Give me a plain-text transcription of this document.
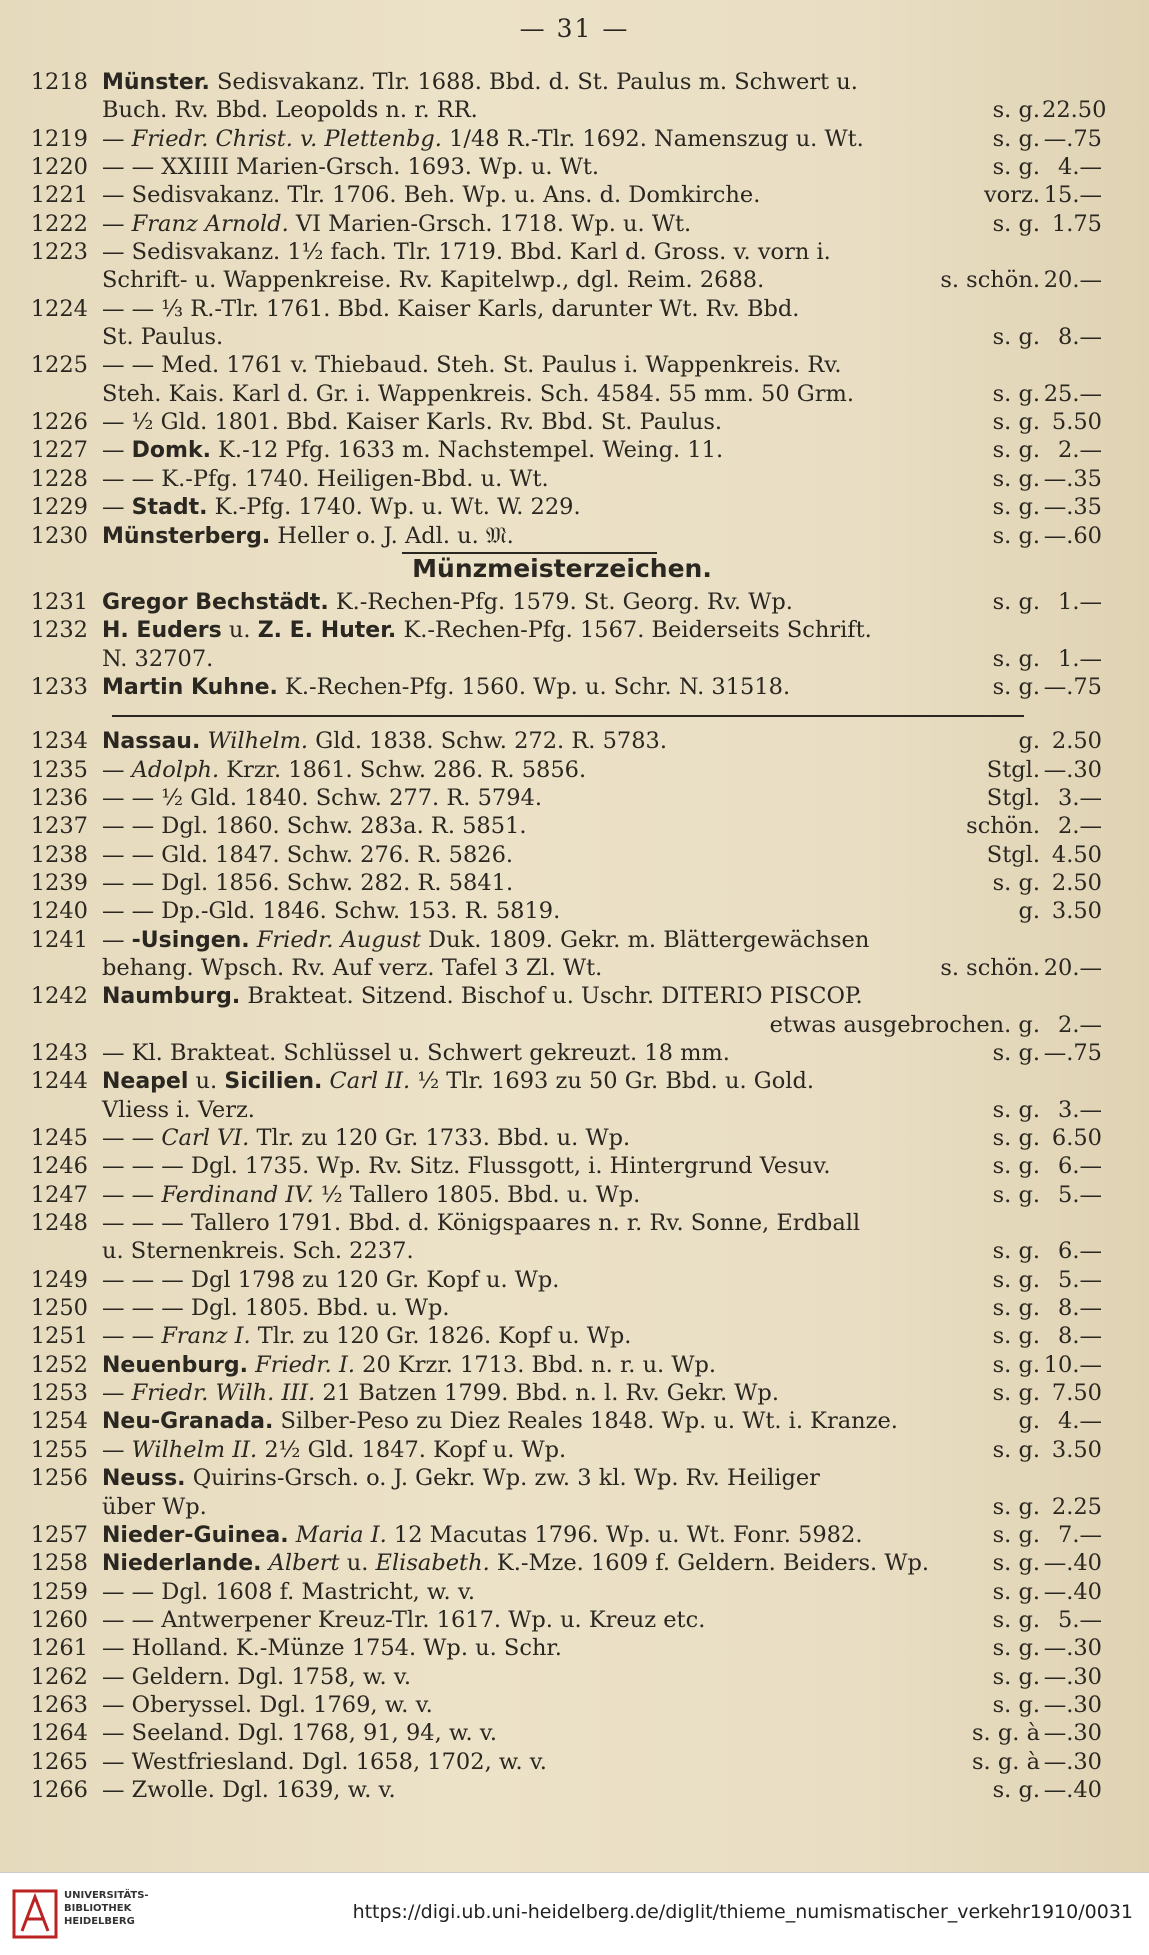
— 31 —
1218 Münster. Sedisvakanz. Tlr. 1688. Bbd. d. St. Paulus m. Schwert u.
Buch. Rv. Bbd. Leopolds n. r. RR.	s. g. 22.50
1219 — Friedr. Christ. v. Plettenbg. 1/48 R.-Tlr. 1692. Namenszug u. Wt.	s. g. —.75
1220 — — XXIIII Marien-Grsch. 1693. Wp. u. Wt.	s. g. 4.—
1221 — Sedisvakanz. Tlr. 1706. Beh. Wp. u. Ans. d. Domkirche.	vorz. 15.—
1222 — Franz Arnold. VI Marien-Grsch. 1718. Wp. u. Wt.	s. g. 1.75
1223 — Sedisvakanz. 1½ fach. Tlr. 1719. Bbd. Karl d. Gross. v. vorn i.
Schrift- u. Wappenkreise. Rv. Kapitelwp., dgl. Reim. 2688.	s. schön. 20.—
1224 — — ⅓ R.-Tlr. 1761. Bbd. Kaiser Karls, darunter Wt. Rv. Bbd.
St. Paulus.	s. g. 8.—
1225 — — Med. 1761 v. Thiebaud. Steh. St. Paulus i. Wappenkreis. Rv.
Steh. Kais. Karl d. Gr. i. Wappenkreis. Sch. 4584. 55 mm. 50 Grm.	s. g. 25.—
1226 — ½ Gld. 1801. Bbd. Kaiser Karls. Rv. Bbd. St. Paulus.	s. g. 5.50
1227 — Domk. K.-12 Pfg. 1633 m. Nachstempel. Weing. 11.	s. g. 2.—
1228 — — K.-Pfg. 1740. Heiligen-Bbd. u. Wt.	s. g. —.35
1229 — Stadt. K.-Pfg. 1740. Wp. u. Wt. W. 229.	s. g. —.35
1230 Münsterberg. Heller o. J. Adl. u. 𝔐.	s. g. —.60
Münzmeisterzeichen.
1231 Gregor Bechstädt. K.-Rechen-Pfg. 1579. St. Georg. Rv. Wp.	s. g. 1.—
1232 H. Euders u. Z. E. Huter. K.-Rechen-Pfg. 1567. Beiderseits Schrift.
N. 32707.	s. g. 1.—
1233 Martin Kuhne. K.-Rechen-Pfg. 1560. Wp. u. Schr. N. 31518.	s. g. —.75
1234 Nassau. Wilhelm. Gld. 1838. Schw. 272. R. 5783.	g. 2.50
1235 — Adolph. Krzr. 1861. Schw. 286. R. 5856.	Stgl. —.30
1236 — — ½ Gld. 1840. Schw. 277. R. 5794.	Stgl. 3.—
1237 — — Dgl. 1860. Schw. 283a. R. 5851.	schön. 2.—
1238 — — Gld. 1847. Schw. 276. R. 5826.	Stgl. 4.50
1239 — — Dgl. 1856. Schw. 282. R. 5841.	s. g. 2.50
1240 — — Dp.-Gld. 1846. Schw. 153. R. 5819.	g. 3.50
1241 — -Usingen. Friedr. August Duk. 1809. Gekr. m. Blättergewächsen
behang. Wpsch. Rv. Auf verz. Tafel 3 Zl. Wt.	s. schön. 20.—
1242 Naumburg. Brakteat. Sitzend. Bischof u. Uschr. DITERIↃ PISCOP.
etwas ausgebrochen. g. 2.—
1243 — Kl. Brakteat. Schlüssel u. Schwert gekreuzt. 18 mm.	s. g. —.75
1244 Neapel u. Sicilien. Carl II. ½ Tlr. 1693 zu 50 Gr. Bbd. u. Gold.
Vliess i. Verz.	s. g. 3.—
1245 — — Carl VI. Tlr. zu 120 Gr. 1733. Bbd. u. Wp.	s. g. 6.50
1246 — — — Dgl. 1735. Wp. Rv. Sitz. Flussgott, i. Hintergrund Vesuv.	s. g. 6.—
1247 — — Ferdinand IV. ½ Tallero 1805. Bbd. u. Wp.	s. g. 5.—
1248 — — — Tallero 1791. Bbd. d. Königspaares n. r. Rv. Sonne, Erdball
u. Sternenkreis. Sch. 2237.	s. g. 6.—
1249 — — — Dgl 1798 zu 120 Gr. Kopf u. Wp.	s. g. 5.—
1250 — — — Dgl. 1805. Bbd. u. Wp.	s. g. 8.—
1251 — — Franz I. Tlr. zu 120 Gr. 1826. Kopf u. Wp.	s. g. 8.—
1252 Neuenburg. Friedr. I. 20 Krzr. 1713. Bbd. n. r. u. Wp.	s. g. 10.—
1253 — Friedr. Wilh. III. 21 Batzen 1799. Bbd. n. l. Rv. Gekr. Wp.	s. g. 7.50
1254 Neu-Granada. Silber-Peso zu Diez Reales 1848. Wp. u. Wt. i. Kranze.	g. 4.—
1255 — Wilhelm II. 2½ Gld. 1847. Kopf u. Wp.	s. g. 3.50
1256 Neuss. Quirins-Grsch. o. J. Gekr. Wp. zw. 3 kl. Wp. Rv. Heiliger
über Wp.	s. g. 2.25
1257 Nieder-Guinea. Maria I. 12 Macutas 1796. Wp. u. Wt. Fonr. 5982.	s. g. 7.—
1258 Niederlande. Albert u. Elisabeth. K.-Mze. 1609 f. Geldern. Beiders. Wp.	s. g. —.40
1259 — — Dgl. 1608 f. Mastricht, w. v.	s. g. —.40
1260 — — Antwerpener Kreuz-Tlr. 1617. Wp. u. Kreuz etc.	s. g. 5.—
1261 — Holland. K.-Münze 1754. Wp. u. Schr.	s. g. —.30
1262 — Geldern. Dgl. 1758, w. v.	s. g. —.30
1263 — Oberyssel. Dgl. 1769, w. v.	s. g. —.30
1264 — Seeland. Dgl. 1768, 91, 94, w. v.	s. g. à —.30
1265 — Westfriesland. Dgl. 1658, 1702, w. v.	s. g. à —.30
1266 — Zwolle. Dgl. 1639, w. v.	s. g. —.40
UNIVERSITÄTS-
BIBLIOTHEK
HEIDELBERG	https://digi.ub.uni-heidelberg.de/diglit/thieme_numismatischer_verkehr1910/0031
